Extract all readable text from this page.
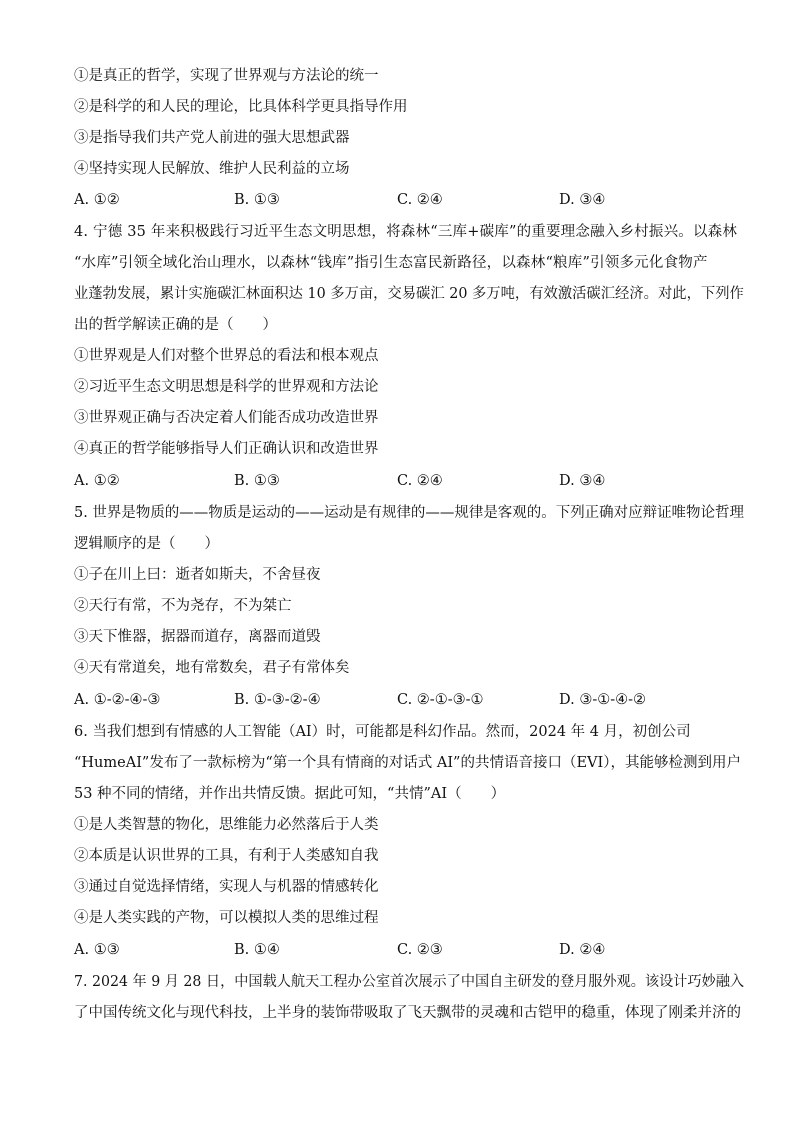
①是真正的哲学，实现了世界观与方法论的统一
②是科学的和人民的理论，比具体科学更具指导作用
③是指导我们共产党人前进的强大思想武器
④坚持实现人民解放、维护人民利益的立场
A. ①②	B. ①③	C. ②④	D. ③④
4. 宁德 35 年来积极践行习近平生态文明思想，将森林“三库+碳库”的重要理念融入乡村振兴。以森林
“水库”引领全域化治山理水，以森林“钱库”指引生态富民新路径，以森林“粮库”引领多元化食物产
业蓬勃发展，累计实施碳汇林面积达 10 多万亩，交易碳汇 20 多万吨，有效激活碳汇经济。对此，下列作
出的哲学解读正确的是（　　）
①世界观是人们对整个世界总的看法和根本观点
②习近平生态文明思想是科学的世界观和方法论
③世界观正确与否决定着人们能否成功改造世界
④真正的哲学能够指导人们正确认识和改造世界
A. ①②	B. ①③	C. ②④	D. ③④
5. 世界是物质的——物质是运动的——运动是有规律的——规律是客观的。下列正确对应辩证唯物论哲理
逻辑顺序的是（　　）
①子在川上曰：逝者如斯夫，不舍昼夜
②天行有常，不为尧存，不为桀亡
③天下惟器，据器而道存，离器而道毁
④天有常道矣，地有常数矣，君子有常体矣
A. ①-②-④-③	B. ①-③-②-④	C. ②-①-③-①	D. ③-①-④-②
6. 当我们想到有情感的人工智能（AI）时，可能都是科幻作品。然而，2024 年 4 月，初创公司
“HumeAI”发布了一款标榜为“第一个具有情商的对话式 AI”的共情语音接口（EVI），其能够检测到用户
53 种不同的情绪，并作出共情反馈。据此可知，“共情”AI（　　）
①是人类智慧的物化，思维能力必然落后于人类
②本质是认识世界的工具，有利于人类感知自我
③通过自觉选择情绪，实现人与机器的情感转化
④是人类实践的产物，可以模拟人类的思维过程
A. ①③	B. ①④	C. ②③	D. ②④
7. 2024 年 9 月 28 日，中国载人航天工程办公室首次展示了中国自主研发的登月服外观。该设计巧妙融入
了中国传统文化与现代科技，上半身的装饰带吸取了飞天飘带的灵魂和古铠甲的稳重，体现了刚柔并济的
